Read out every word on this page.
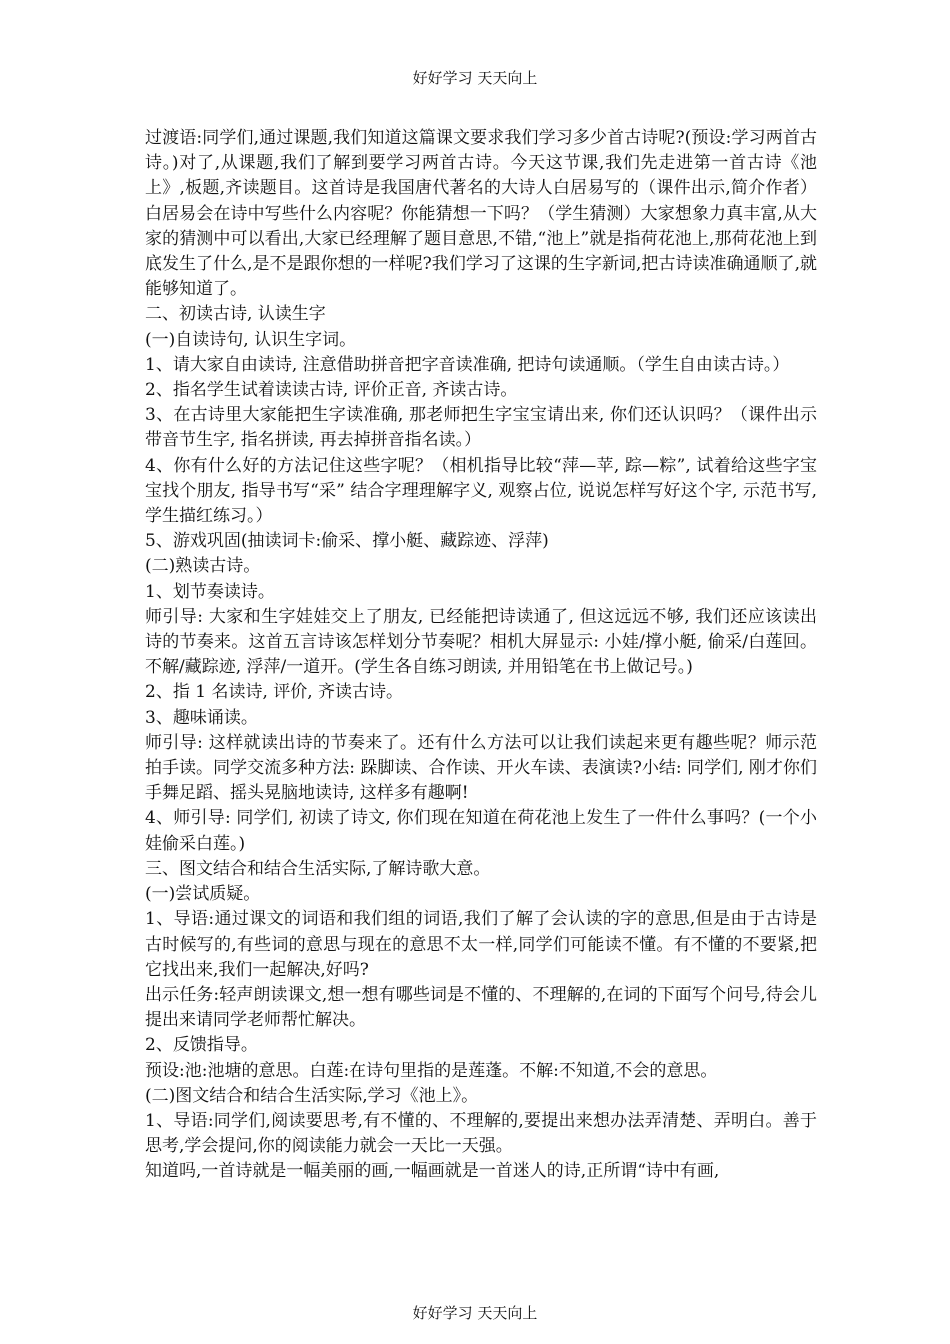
好好学习 天天向上

过渡语:同学们,通过课题,我们知道这篇课文要求我们学习多少首古诗呢?(预设:学习两首古诗。)对了,从课题,我们了解到要学习两首古诗。今天这节课,我们先走进第一首古诗《池上》,板题,齐读题目。这首诗是我国唐代著名的大诗人白居易写的（课件出示,简介作者）白居易会在诗中写些什么内容呢？你能猜想一下吗？（学生猜测）大家想象力真丰富,从大家的猜测中可以看出,大家已经理解了题目意思,不错,“池上”就是指荷花池上,那荷花池上到底发生了什么,是不是跟你想的一样呢?我们学习了这课的生字新词,把古诗读准确通顺了,就能够知道了。

二、初读古诗, 认读生字

(一)自读诗句, 认识生字词。

1、请大家自由读诗, 注意借助拼音把字音读准确, 把诗句读通顺。（学生自由读古诗。）

2、指名学生试着读读古诗, 评价正音, 齐读古诗。

3、在古诗里大家能把生字读准确, 那老师把生字宝宝请出来, 你们还认识吗？（课件出示带音节生字, 指名拼读, 再去掉拼音指名读。）

4、你有什么好的方法记住这些字呢？（相机指导比较“萍—苹, 踪—粽”, 试着给这些字宝宝找个朋友, 指导书写“采” 结合字理理解字义, 观察占位, 说说怎样写好这个字, 示范书写, 学生描红练习。）

5、游戏巩固(抽读词卡:偷采、撑小艇、藏踪迹、浮萍)

(二)熟读古诗。

1、划节奏读诗。

师引导: 大家和生字娃娃交上了朋友, 已经能把诗读通了, 但这远远不够, 我们还应该读出诗的节奏来。这首五言诗该怎样划分节奏呢？相机大屏显示: 小娃/撑小艇, 偷采/白莲回。不解/藏踪迹, 浮萍/一道开。(学生各自练习朗读, 并用铅笔在书上做记号。)

2、指 1 名读诗, 评价, 齐读古诗。

3、趣味诵读。

师引导: 这样就读出诗的节奏来了。还有什么方法可以让我们读起来更有趣些呢？师示范拍手读。同学交流多种方法: 跺脚读、合作读、开火车读、表演读?小结: 同学们, 刚才你们手舞足蹈、摇头晃脑地读诗, 这样多有趣啊!

4、师引导: 同学们, 初读了诗文, 你们现在知道在荷花池上发生了一件什么事吗？(一个小娃偷采白莲。)

三、图文结合和结合生活实际,了解诗歌大意。

(一)尝试质疑。

1、导语:通过课文的词语和我们组的词语,我们了解了会认读的字的意思,但是由于古诗是古时候写的,有些词的意思与现在的意思不太一样,同学们可能读不懂。有不懂的不要紧,把它找出来,我们一起解决,好吗?

出示任务:轻声朗读课文,想一想有哪些词是不懂的、不理解的,在词的下面写个问号,待会儿提出来请同学老师帮忙解决。

2、反馈指导。

预设:池:池塘的意思。白莲:在诗句里指的是莲蓬。不解:不知道,不会的意思。

(二)图文结合和结合生活实际,学习《池上》。

1、导语:同学们,阅读要思考,有不懂的、不理解的,要提出来想办法弄清楚、弄明白。善于思考,学会提问,你的阅读能力就会一天比一天强。

知道吗,一首诗就是一幅美丽的画,一幅画就是一首迷人的诗,正所谓“诗中有画,

好好学习 天天向上
